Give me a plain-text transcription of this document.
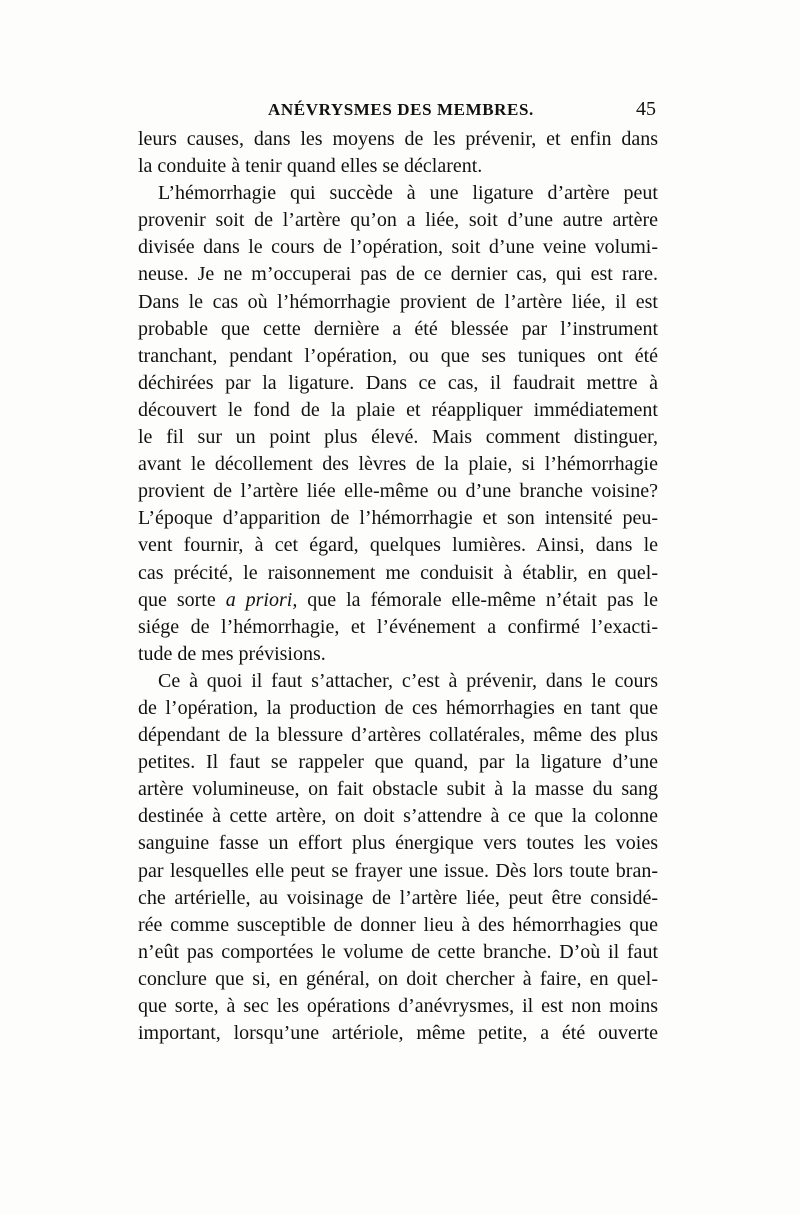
ANÉVRYSMES DES MEMBRES.	45
leurs causes, dans les moyens de les prévenir, et enfin dans
la conduite à tenir quand elles se déclarent.
L’hémorrhagie qui succède à une ligature d’artère peut
provenir soit de l’artère qu’on a liée, soit d’une autre artère
divisée dans le cours de l’opération, soit d’une veine volumi-
neuse. Je ne m’occuperai pas de ce dernier cas, qui est rare.
Dans le cas où l’hémorrhagie provient de l’artère liée, il est
probable que cette dernière a été blessée par l’instrument
tranchant, pendant l’opération, ou que ses tuniques ont été
déchirées par la ligature. Dans ce cas, il faudrait mettre à
découvert le fond de la plaie et réappliquer immédiatement
le fil sur un point plus élevé. Mais comment distinguer,
avant le décollement des lèvres de la plaie, si l’hémorrhagie
provient de l’artère liée elle-même ou d’une branche voisine?
L’époque d’apparition de l’hémorrhagie et son intensité peu-
vent fournir, à cet égard, quelques lumières. Ainsi, dans le
cas précité, le raisonnement me conduisit à établir, en quel-
que sorte a priori, que la fémorale elle-même n’était pas le
siége de l’hémorrhagie, et l’événement a confirmé l’exacti-
tude de mes prévisions.
Ce à quoi il faut s’attacher, c’est à prévenir, dans le cours
de l’opération, la production de ces hémorrhagies en tant que
dépendant de la blessure d’artères collatérales, même des plus
petites. Il faut se rappeler que quand, par la ligature d’une
artère volumineuse, on fait obstacle subit à la masse du sang
destinée à cette artère, on doit s’attendre à ce que la colonne
sanguine fasse un effort plus énergique vers toutes les voies
par lesquelles elle peut se frayer une issue. Dès lors toute bran-
che artérielle, au voisinage de l’artère liée, peut être considé-
rée comme susceptible de donner lieu à des hémorrhagies que
n’eût pas comportées le volume de cette branche. D’où il faut
conclure que si, en général, on doit chercher à faire, en quel-
que sorte, à sec les opérations d’anévrysmes, il est non moins
important, lorsqu’une artériole, même petite, a été ouverte
